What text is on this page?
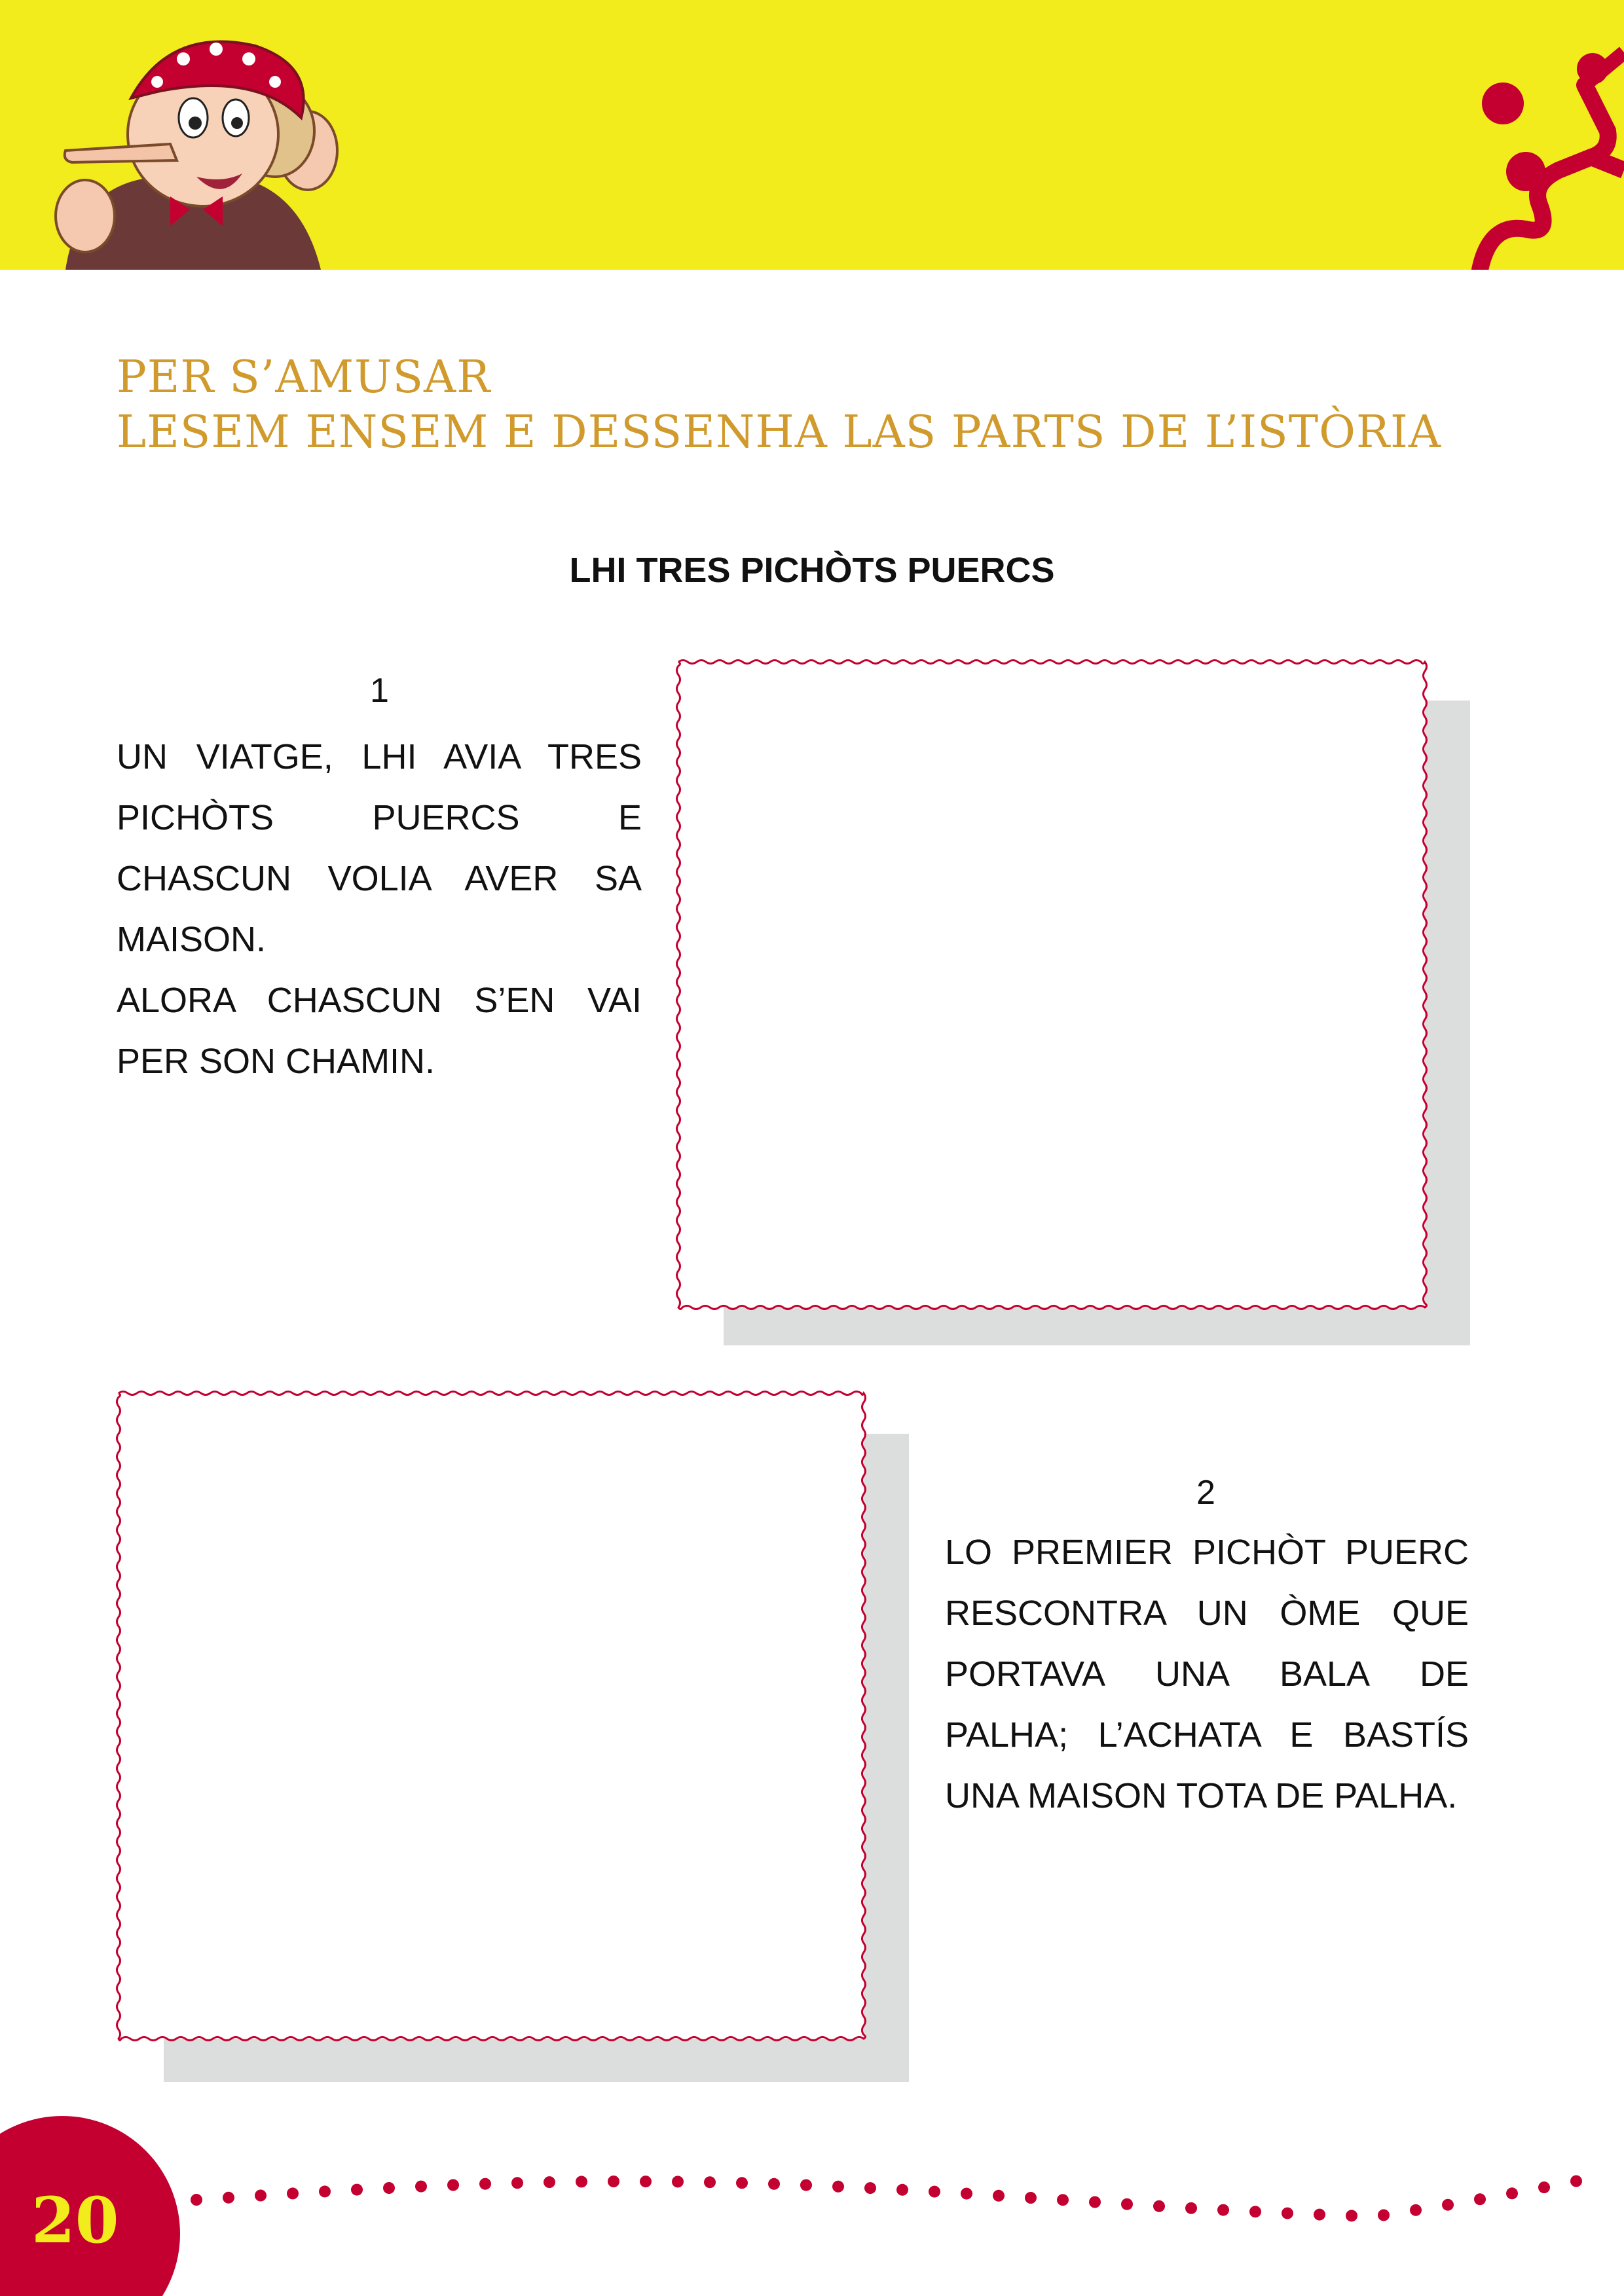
PER S’AMUSAR
LESEM ENSEM E DESSENHA LAS PARTS DE L’ISTÒRIA
LHI TRES PICHÒTS PUERCS
1

UN VIATGE, LHI AVIA TRES PICHÒTS PUERCS E CHASCUN VOLIA AVER SA MAISON.

ALORA CHASCUN S’EN VAI PER SON CHAMIN.

2

LO PREMIER PICHÒT PUERC RESCONTRA UN ÒME QUE PORTAVA UNA BALA DE PALHA; L’ACHATA E BASTÍS UNA MAISON TOTA DE PALHA.

20
